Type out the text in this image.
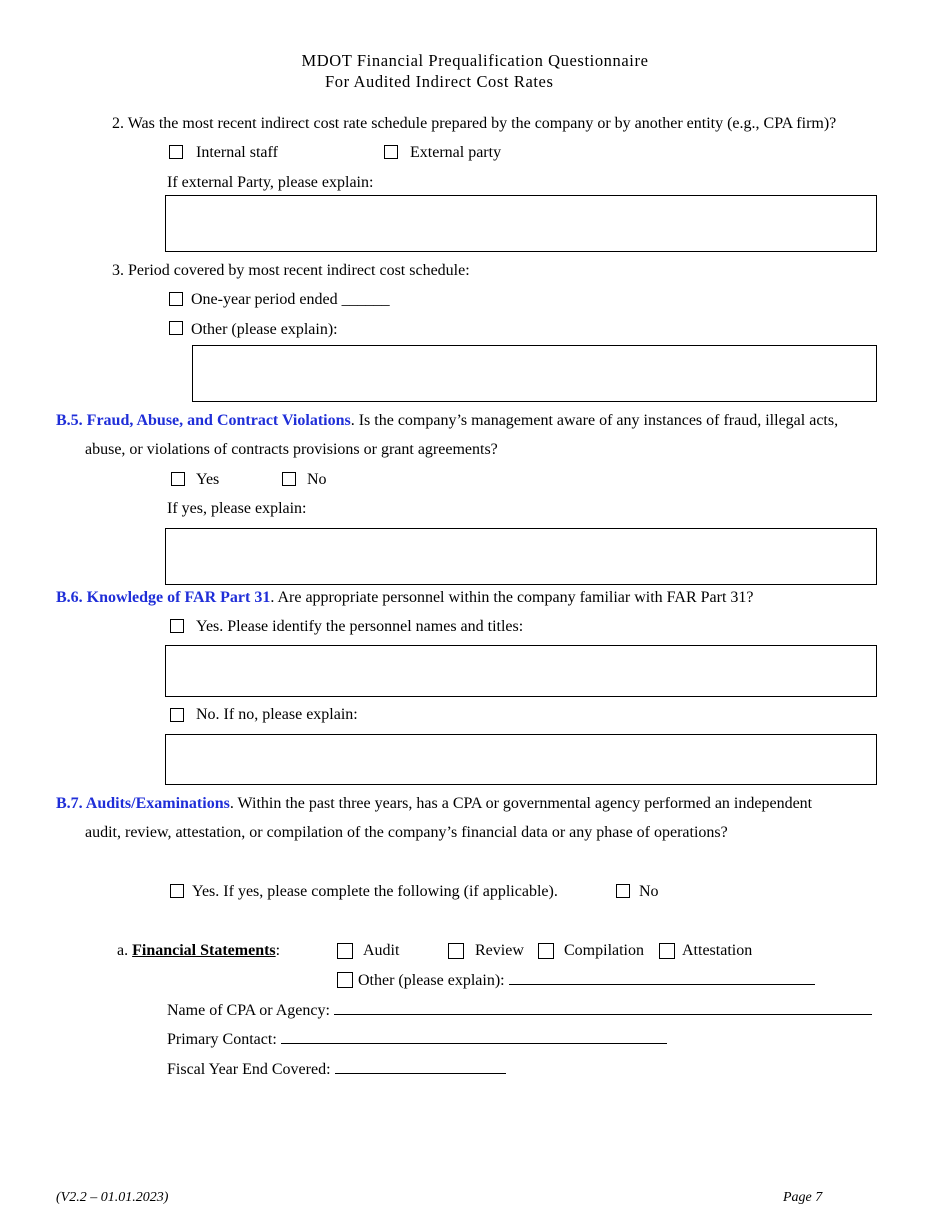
MDOT Financial Prequalification Questionnaire
For Audited Indirect Cost Rates
2. Was the most recent indirect cost rate schedule prepared by the company or by another entity (e.g., CPA firm)?
Internal staff	External party
If external Party, please explain:
3. Period covered by most recent indirect cost schedule:
One-year period ended ______
Other (please explain):
B.5. Fraud, Abuse, and Contract Violations. Is the company’s management aware of any instances of fraud, illegal acts,
abuse, or violations of contracts provisions or grant agreements?
Yes	No
If yes, please explain:
B.6. Knowledge of FAR Part 31. Are appropriate personnel within the company familiar with FAR Part 31?
Yes. Please identify the personnel names and titles:
No. If no, please explain:
B.7. Audits/Examinations. Within the past three years, has a CPA or governmental agency performed an independent
audit, review, attestation, or compilation of the company’s financial data or any phase of operations?
Yes. If yes, please complete the following (if applicable).	No
a. Financial Statements:	Audit	Review	Compilation Attestation
Other (please explain):
Name of CPA or Agency:
Primary Contact:
Fiscal Year End Covered:
(V2.2 – 01.01.2023)	Page 7
